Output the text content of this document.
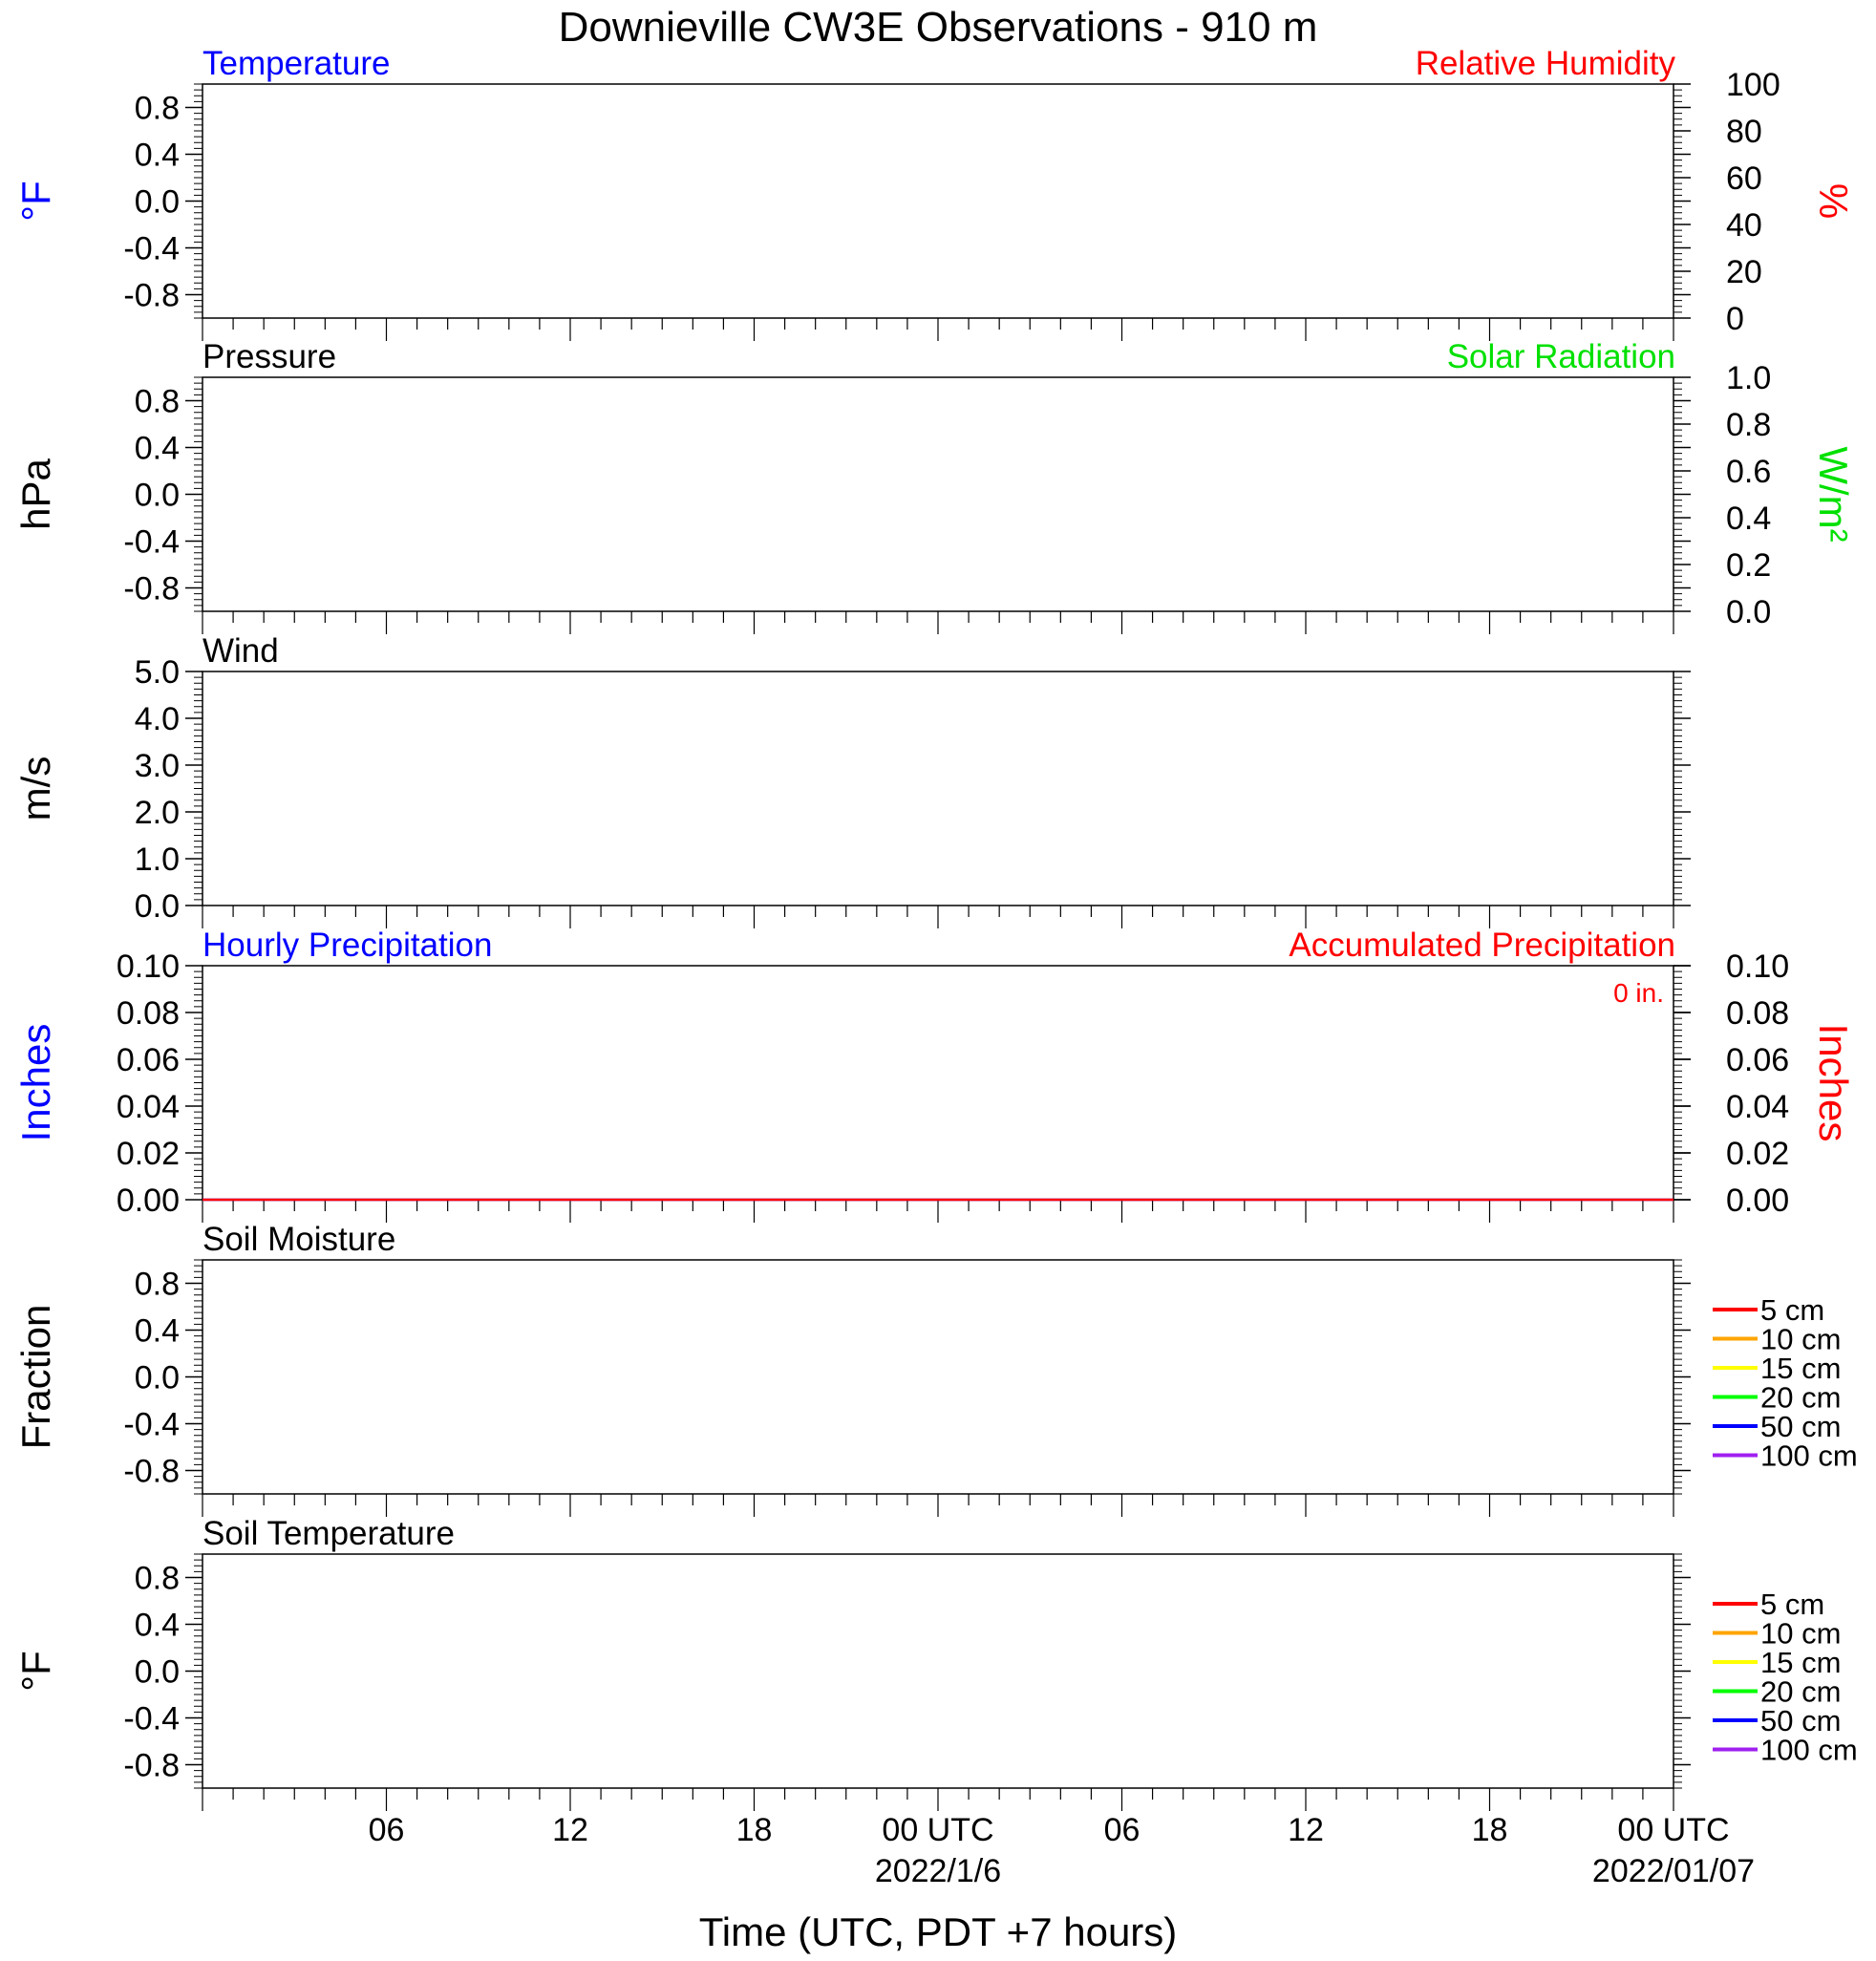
Downieville CW3E Observations - 910 m
Time (UTC, PDT +7 hours)
Temperature	Relative Humidity
0.8
0.4
0.0
-0.4
-0.8
100
80
60
40
20
0
°F	%
Pressure	Solar Radiation
0.8
0.4
0.0
-0.4
-0.8
1.0
0.8
0.6
0.4
0.2
0.0
hPa	W/m²
Wind
5.0
4.0
3.0
2.0
1.0
0.0
m/s
Hourly Precipitation	Accumulated Precipitation
0 in.
0.10
0.08
0.06
0.04
0.02
0.00
0.10
0.08
0.06
0.04
0.02
0.00
Inches	Inches
Soil Moisture
0.8
0.4
0.0
-0.4
-0.8
Fraction	5 cm
10 cm
15 cm
20 cm
50 cm
100 cm
Soil Temperature
0.8
0.4
0.0
-0.4
-0.8
°F
5 cm
10 cm
15 cm
20 cm
50 cm
100 cm
06	12	18	00 UTC	06	12	18	00 UTC
2022/1/6	2022/01/07
